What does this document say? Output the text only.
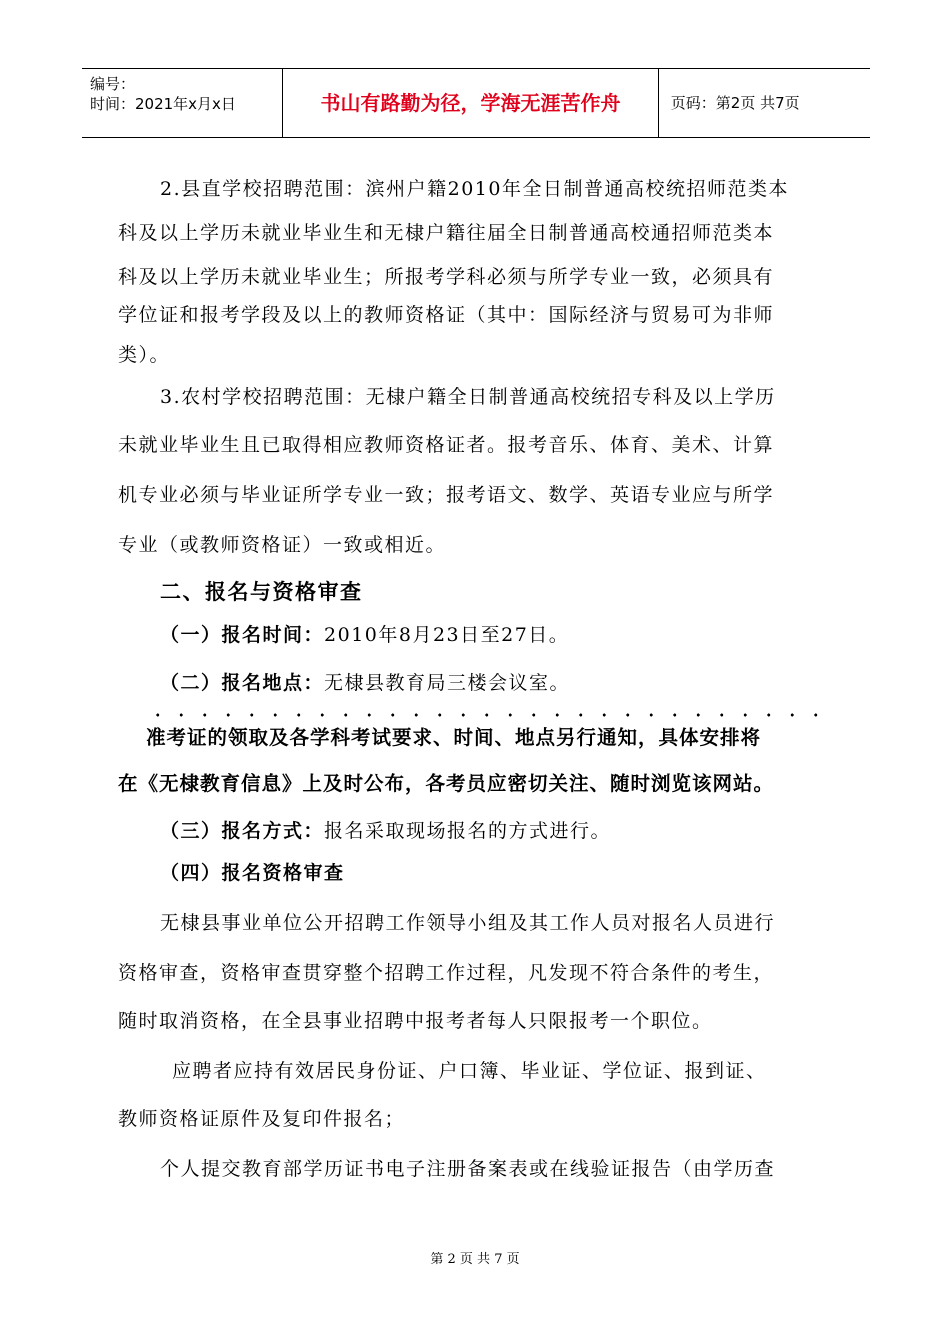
编号：
时间：2021年x月x日	书山有路勤为径，学海无涯苦作舟	页码：第2页 共7页
2.县直学校招聘范围：滨州户籍2010年全日制普通高校统招师范类本
科及以上学历未就业毕业生和无棣户籍往届全日制普通高校通招师范类本
科及以上学历未就业毕业生；所报考学科必须与所学专业一致，必须具有
学位证和报考学段及以上的教师资格证（其中：国际经济与贸易可为非师
类）。
3.农村学校招聘范围：无棣户籍全日制普通高校统招专科及以上学历
未就业毕业生且已取得相应教师资格证者。报考音乐、体育、美术、计算
机专业必须与毕业证所学专业一致；报考语文、数学、英语专业应与所学
专业（或教师资格证）一致或相近。
二、报名与资格审查
（一）报名时间：2010年8月23日至27日。
（二）报名地点：无棣县教育局三楼会议室。
准考证的领取及各学科考试要求、时间、地点另行通知，具体安排将
在《无棣教育信息》上及时公布，各考员应密切关注、随时浏览该网站。
（三）报名方式：报名采取现场报名的方式进行。
（四）报名资格审查
无棣县事业单位公开招聘工作领导小组及其工作人员对报名人员进行
资格审查，资格审查贯穿整个招聘工作过程，凡发现不符合条件的考生，
随时取消资格，在全县事业招聘中报考者每人只限报考一个职位。
应聘者应持有效居民身份证、户口簿、毕业证、学位证、报到证、
教师资格证原件及复印件报名；
个人提交教育部学历证书电子注册备案表或在线验证报告（由学历查
第 2 页 共 7 页
